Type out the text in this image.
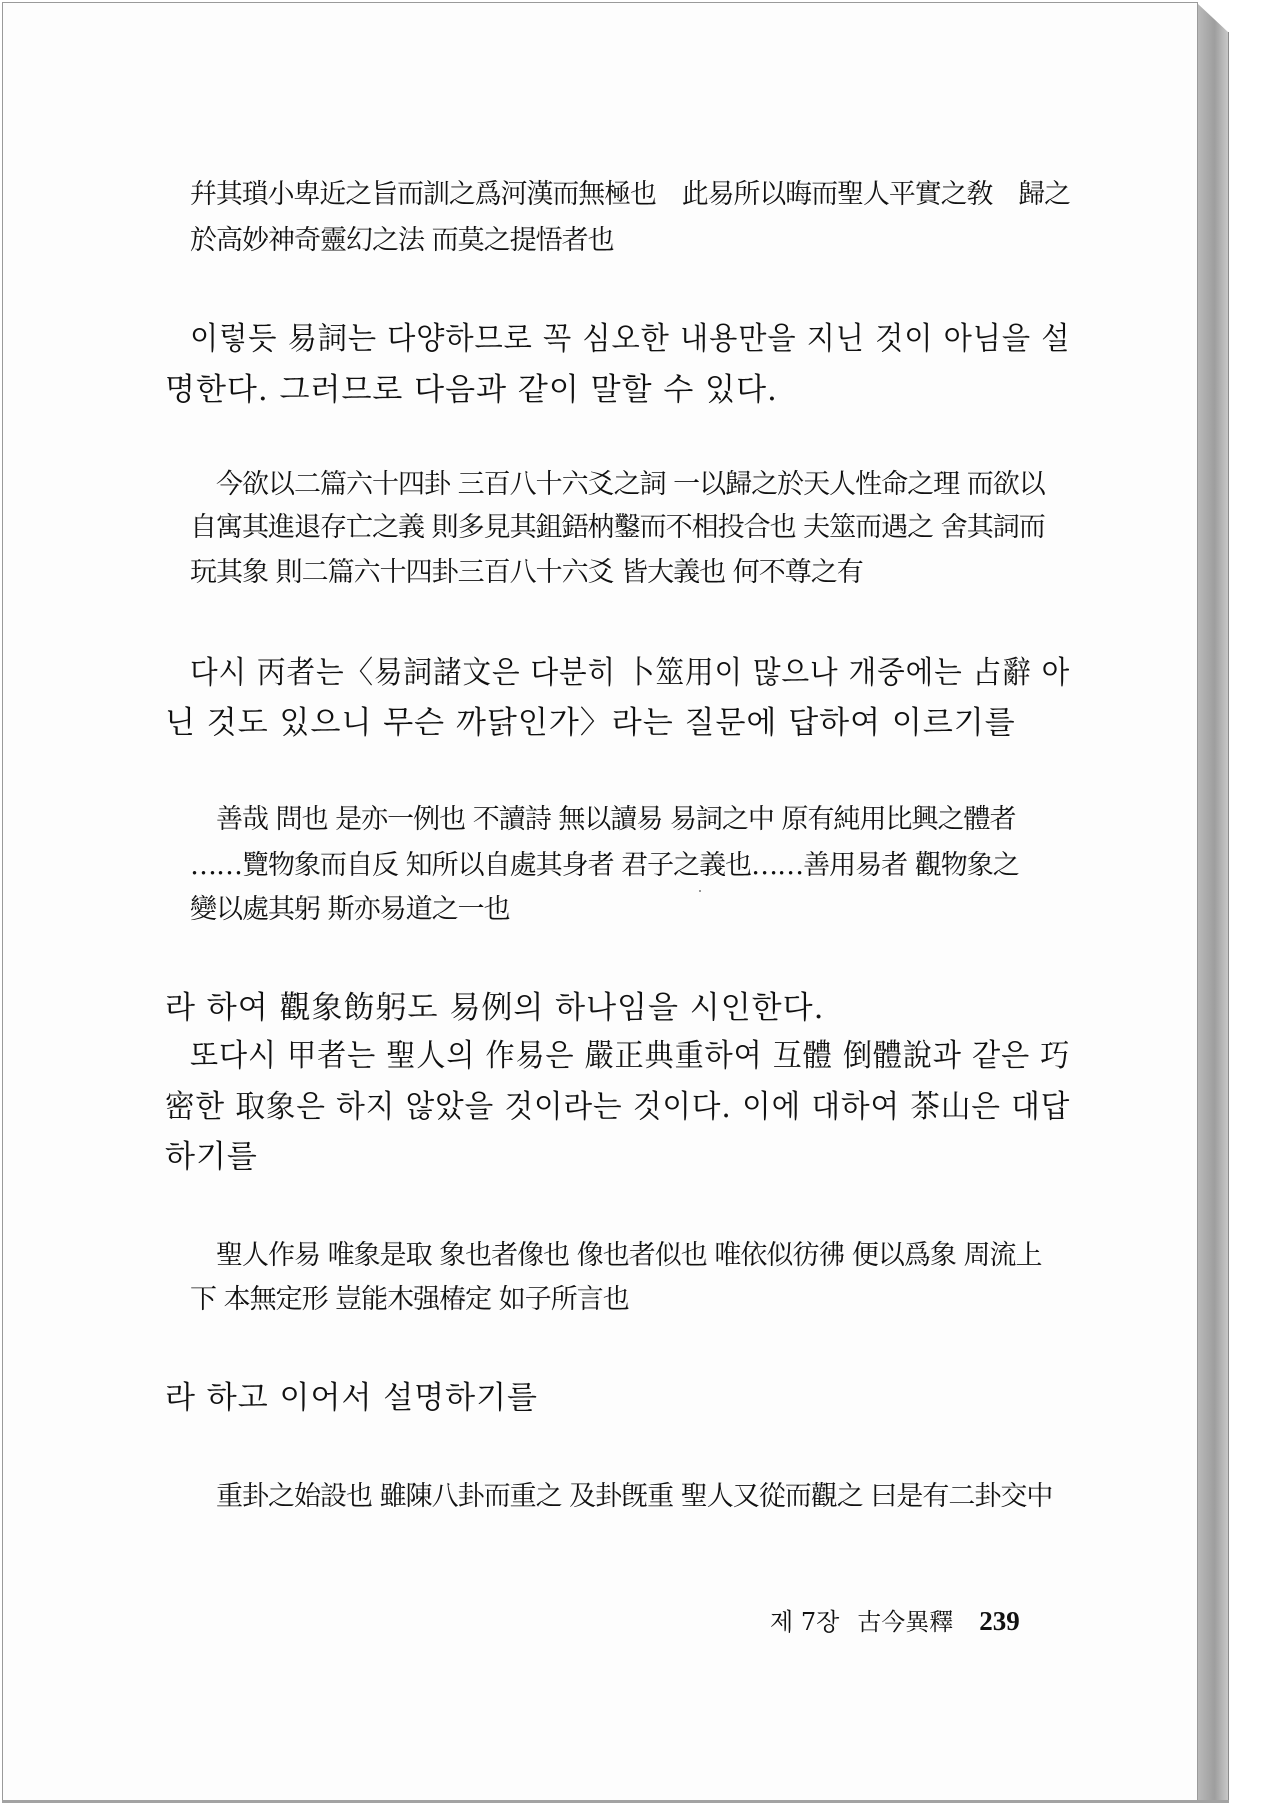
幷其瑣小卑近之旨而訓之爲河漢而無極也　此易所以晦而聖人平實之敎　歸之
於高妙神奇靈幻之法 而莫之提悟者也
이렇듯 易詞는 다양하므로 꼭 심오한 내용만을 지닌 것이 아님을 설
명한다. 그러므로 다음과 같이 말할 수 있다.
今欲以二篇六十四卦 三百八十六爻之詞 一以歸之於天人性命之理 而欲以
自寓其進退存亡之義 則多見其鉏鋙枘鑿而不相投合也 夫筮而遇之 舍其詞而
玩其象 則二篇六十四卦三百八十六爻 皆大義也 何不尊之有
다시 丙者는〈易詞諸文은 다분히 卜筮用이 많으나 개중에는 占辭 아
닌 것도 있으니 무슨 까닭인가〉라는 질문에 답하여 이르기를
善哉 問也 是亦一例也 不讀詩 無以讀易 易詞之中 原有純用比興之體者
……覽物象而自反 知所以自處其身者 君子之義也……善用易者 觀物象之
變以處其躬 斯亦易道之一也
라 하여 觀象飭躬도 易例의 하나임을 시인한다.
또다시 甲者는 聖人의 作易은 嚴正典重하여 互體 倒體說과 같은 巧
密한 取象은 하지 않았을 것이라는 것이다. 이에 대하여 茶山은 대답
하기를
聖人作易 唯象是取 象也者像也 像也者似也 唯依似彷彿 便以爲象 周流上
下 本無定形 豈能木强椿定 如子所言也
라 하고 이어서 설명하기를
重卦之始設也 雖陳八卦而重之 及卦旣重 聖人又從而觀之 曰是有二卦交中
제 7장 古今異釋 239
